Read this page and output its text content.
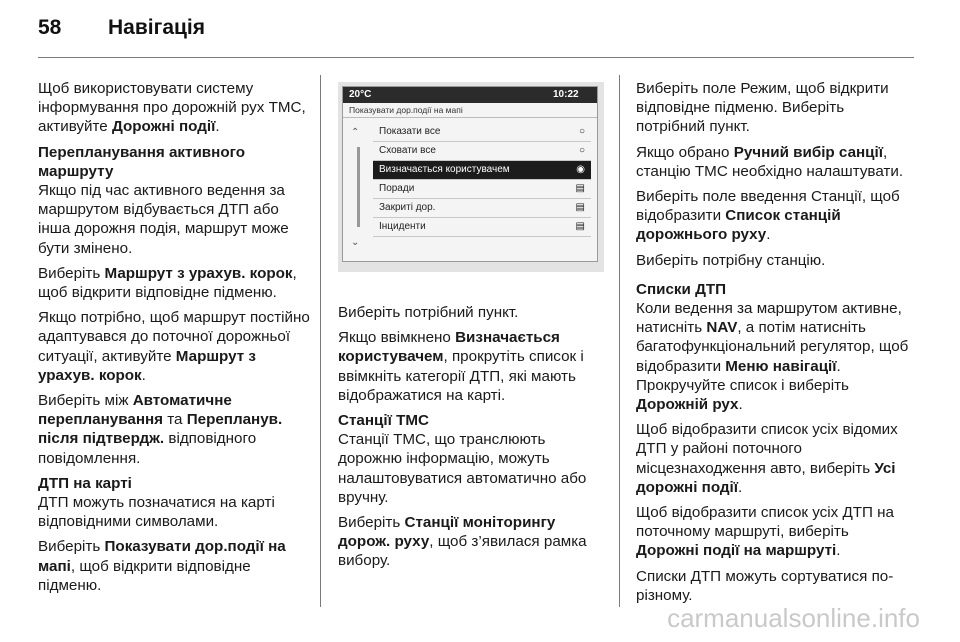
58 Навігація

Щоб використовувати систему інформування про дорожній рух TMC, активуйте Дорожні події.

Перепланування активного маршруту
Якщо під час активного ведення за маршрутом відбувається ДТП або інша дорожня подія, маршрут може бути змінено.

Виберіть Маршрут з урахув. корок, щоб відкрити відповідне підменю.

Якщо потрібно, щоб маршрут постійно адаптувався до поточної дорожньої ситуації, активуйте Маршрут з урахув. корок.

Виберіть між Автоматичне перепланування та Перепланув. після підтвердж. відповідного повідомлення.

ДТП на карті
ДТП можуть позначатися на карті відповідними символами.

Виберіть Показувати дор.події на мапі, щоб відкрити відповідне підменю.

20°C	10:22
Показувати дор.події на мапі
⌃
⌄
Показати все	○
Сховати все	○
Визначається користувачем	◉
Поради	▤
Закриті дор.	▤
Інциденти	▤

Виберіть потрібний пункт.

Якщо ввімкнено Визначається користувачем, прокрутіть список і ввімкніть категорії ДТП, які мають відображатися на карті.

Станції TMC
Станції TMC, що транслюють дорожню інформацію, можуть налаштовуватися автоматично або вручну.

Виберіть Станції моніторингу дорож. руху, щоб з’явилася рамка вибору.

Виберіть поле Режим, щоб відкрити відповідне підменю. Виберіть потрібний пункт.

Якщо обрано Ручний вибір санції, станцію TMC необхідно налаштувати.

Виберіть поле введення Станції, щоб відобразити Список станцій дорожнього руху.

Виберіть потрібну станцію.

Списки ДТП
Коли ведення за маршрутом активне, натисніть NAV, а потім натисніть багатофункціональний регулятор, щоб відобразити Меню навігації. Прокручуйте список і виберіть Дорожній рух.

Щоб відобразити список усіх відомих ДТП у районі поточного місцезнаходження авто, виберіть Усі дорожні події.

Щоб відобразити список усіх ДТП на поточному маршруті, виберіть Дорожні події на маршруті.

Списки ДТП можуть сортуватися по-різному.

carmanualsonline.info
